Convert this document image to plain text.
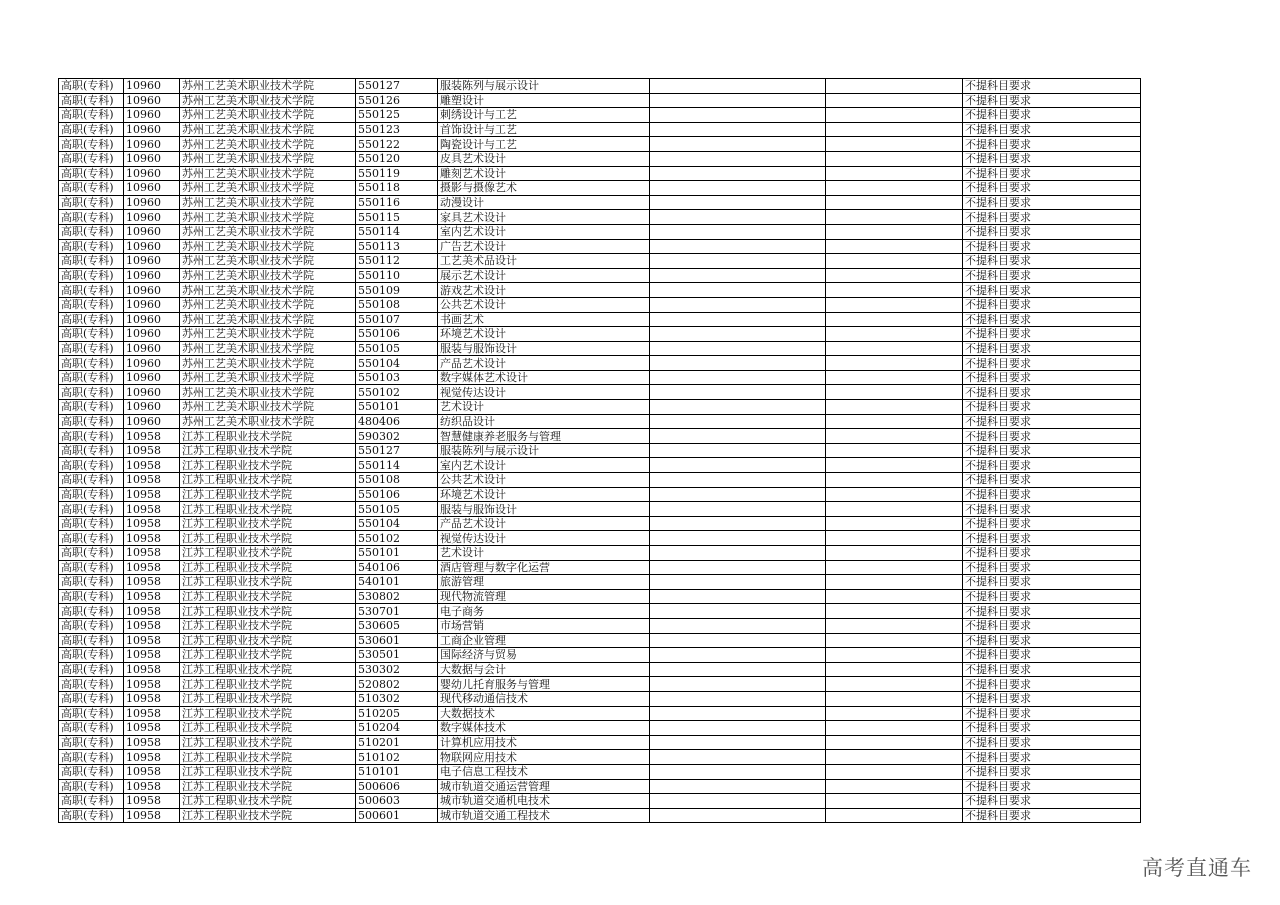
高职(专科)	10960	苏州工艺美术职业技术学院	550127	服装陈列与展示设计			不提科目要求
高职(专科)	10960	苏州工艺美术职业技术学院	550126	雕塑设计			不提科目要求
高职(专科)	10960	苏州工艺美术职业技术学院	550125	刺绣设计与工艺			不提科目要求
高职(专科)	10960	苏州工艺美术职业技术学院	550123	首饰设计与工艺			不提科目要求
高职(专科)	10960	苏州工艺美术职业技术学院	550122	陶瓷设计与工艺			不提科目要求
高职(专科)	10960	苏州工艺美术职业技术学院	550120	皮具艺术设计			不提科目要求
高职(专科)	10960	苏州工艺美术职业技术学院	550119	雕刻艺术设计			不提科目要求
高职(专科)	10960	苏州工艺美术职业技术学院	550118	摄影与摄像艺术			不提科目要求
高职(专科)	10960	苏州工艺美术职业技术学院	550116	动漫设计			不提科目要求
高职(专科)	10960	苏州工艺美术职业技术学院	550115	家具艺术设计			不提科目要求
高职(专科)	10960	苏州工艺美术职业技术学院	550114	室内艺术设计			不提科目要求
高职(专科)	10960	苏州工艺美术职业技术学院	550113	广告艺术设计			不提科目要求
高职(专科)	10960	苏州工艺美术职业技术学院	550112	工艺美术品设计			不提科目要求
高职(专科)	10960	苏州工艺美术职业技术学院	550110	展示艺术设计			不提科目要求
高职(专科)	10960	苏州工艺美术职业技术学院	550109	游戏艺术设计			不提科目要求
高职(专科)	10960	苏州工艺美术职业技术学院	550108	公共艺术设计			不提科目要求
高职(专科)	10960	苏州工艺美术职业技术学院	550107	书画艺术			不提科目要求
高职(专科)	10960	苏州工艺美术职业技术学院	550106	环境艺术设计			不提科目要求
高职(专科)	10960	苏州工艺美术职业技术学院	550105	服装与服饰设计			不提科目要求
高职(专科)	10960	苏州工艺美术职业技术学院	550104	产品艺术设计			不提科目要求
高职(专科)	10960	苏州工艺美术职业技术学院	550103	数字媒体艺术设计			不提科目要求
高职(专科)	10960	苏州工艺美术职业技术学院	550102	视觉传达设计			不提科目要求
高职(专科)	10960	苏州工艺美术职业技术学院	550101	艺术设计			不提科目要求
高职(专科)	10960	苏州工艺美术职业技术学院	480406	纺织品设计			不提科目要求
高职(专科)	10958	江苏工程职业技术学院	590302	智慧健康养老服务与管理			不提科目要求
高职(专科)	10958	江苏工程职业技术学院	550127	服装陈列与展示设计			不提科目要求
高职(专科)	10958	江苏工程职业技术学院	550114	室内艺术设计			不提科目要求
高职(专科)	10958	江苏工程职业技术学院	550108	公共艺术设计			不提科目要求
高职(专科)	10958	江苏工程职业技术学院	550106	环境艺术设计			不提科目要求
高职(专科)	10958	江苏工程职业技术学院	550105	服装与服饰设计			不提科目要求
高职(专科)	10958	江苏工程职业技术学院	550104	产品艺术设计			不提科目要求
高职(专科)	10958	江苏工程职业技术学院	550102	视觉传达设计			不提科目要求
高职(专科)	10958	江苏工程职业技术学院	550101	艺术设计			不提科目要求
高职(专科)	10958	江苏工程职业技术学院	540106	酒店管理与数字化运营			不提科目要求
高职(专科)	10958	江苏工程职业技术学院	540101	旅游管理			不提科目要求
高职(专科)	10958	江苏工程职业技术学院	530802	现代物流管理			不提科目要求
高职(专科)	10958	江苏工程职业技术学院	530701	电子商务			不提科目要求
高职(专科)	10958	江苏工程职业技术学院	530605	市场营销			不提科目要求
高职(专科)	10958	江苏工程职业技术学院	530601	工商企业管理			不提科目要求
高职(专科)	10958	江苏工程职业技术学院	530501	国际经济与贸易			不提科目要求
高职(专科)	10958	江苏工程职业技术学院	530302	大数据与会计			不提科目要求
高职(专科)	10958	江苏工程职业技术学院	520802	婴幼儿托育服务与管理			不提科目要求
高职(专科)	10958	江苏工程职业技术学院	510302	现代移动通信技术			不提科目要求
高职(专科)	10958	江苏工程职业技术学院	510205	大数据技术			不提科目要求
高职(专科)	10958	江苏工程职业技术学院	510204	数字媒体技术			不提科目要求
高职(专科)	10958	江苏工程职业技术学院	510201	计算机应用技术			不提科目要求
高职(专科)	10958	江苏工程职业技术学院	510102	物联网应用技术			不提科目要求
高职(专科)	10958	江苏工程职业技术学院	510101	电子信息工程技术			不提科目要求
高职(专科)	10958	江苏工程职业技术学院	500606	城市轨道交通运营管理			不提科目要求
高职(专科)	10958	江苏工程职业技术学院	500603	城市轨道交通机电技术			不提科目要求
高职(专科)	10958	江苏工程职业技术学院	500601	城市轨道交通工程技术			不提科目要求
高考直通车
